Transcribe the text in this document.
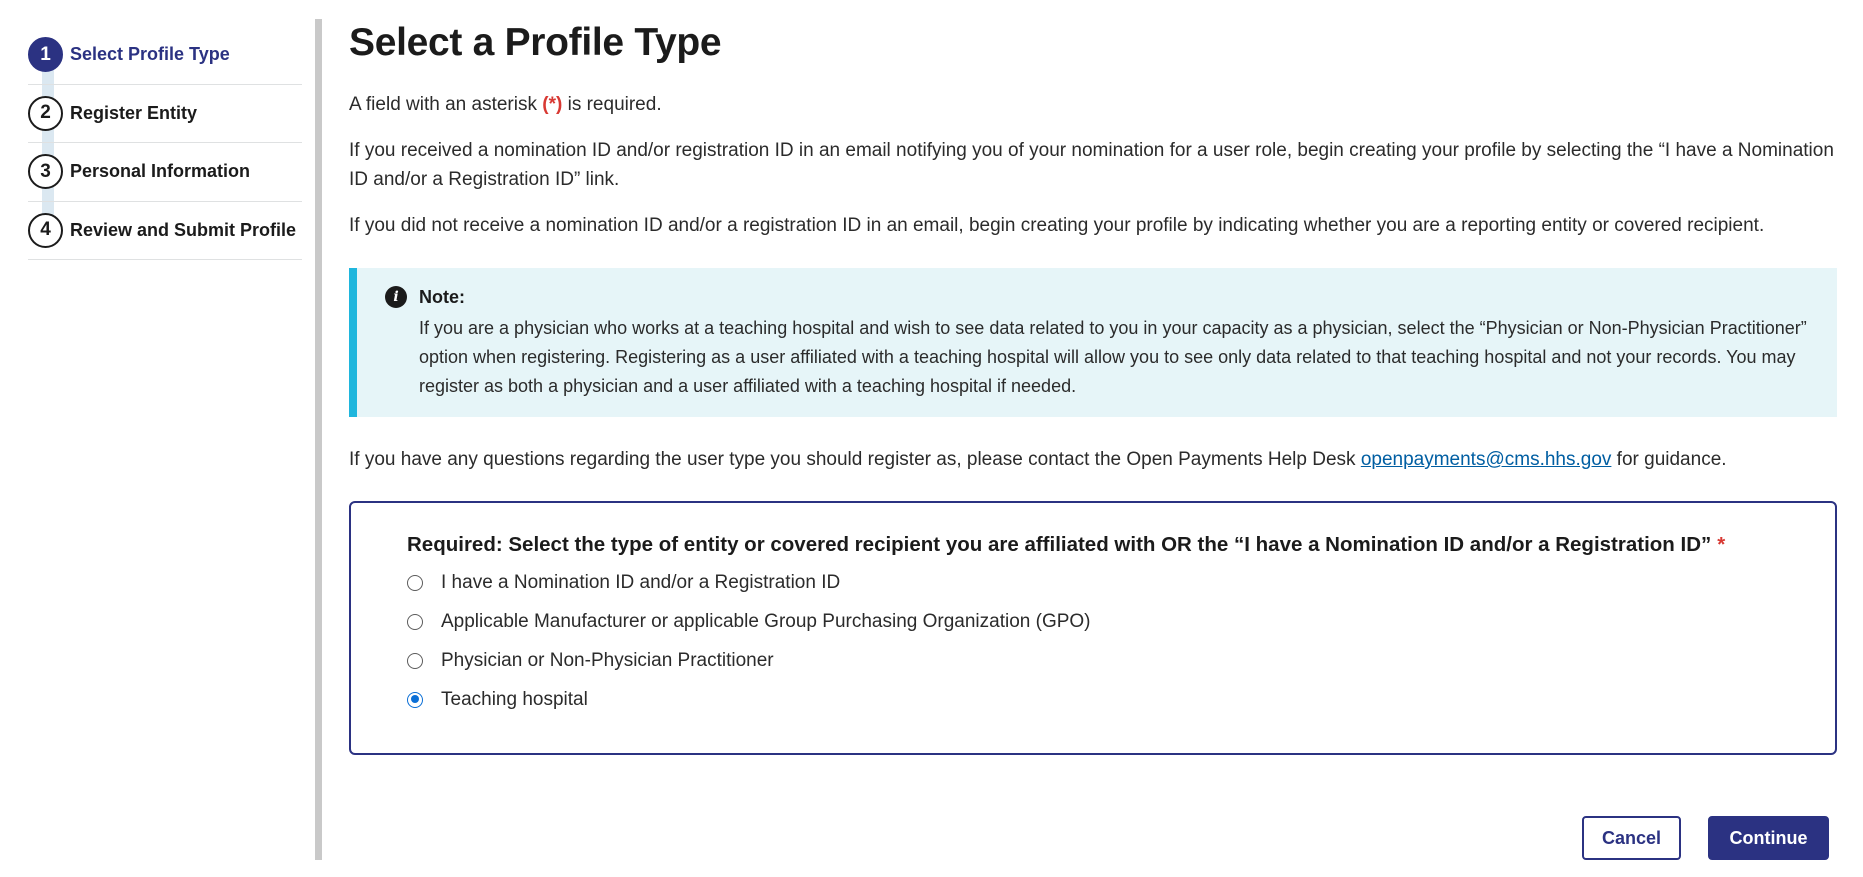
1	Select Profile Type
2	Register Entity
3	Personal Information
4	Review and Submit Profile
Select a Profile Type

A field with an asterisk (*) is required.

If you received a nomination ID and/or registration ID in an email notifying you of your nomination for a user role, begin creating your profile by selecting the “I have a Nomination ID and/or a Registration ID” link.

If you did not receive a nomination ID and/or a registration ID in an email, begin creating your profile by indicating whether you are a reporting entity or covered recipient.

i	Note:

If you are a physician who works at a teaching hospital and wish to see data related to you in your capacity as a physician, select the “Physician or Non-Physician Practitioner” option when registering. Registering as a user affiliated with a teaching hospital will allow you to see only data related to that teaching hospital and not your records. You may register as both a physician and a user affiliated with a teaching hospital if needed.

If you have any questions regarding the user type you should register as, please contact the Open Payments Help Desk openpayments@cms.hhs.gov for guidance.

Required: Select the type of entity or covered recipient you are affiliated with OR the “I have a Nomination ID and/or a Registration ID” *
I have a Nomination ID and/or a Registration ID
Applicable Manufacturer or applicable Group Purchasing Organization (GPO)
Physician or Non-Physician Practitioner
Teaching hospital
Cancel	Continue
